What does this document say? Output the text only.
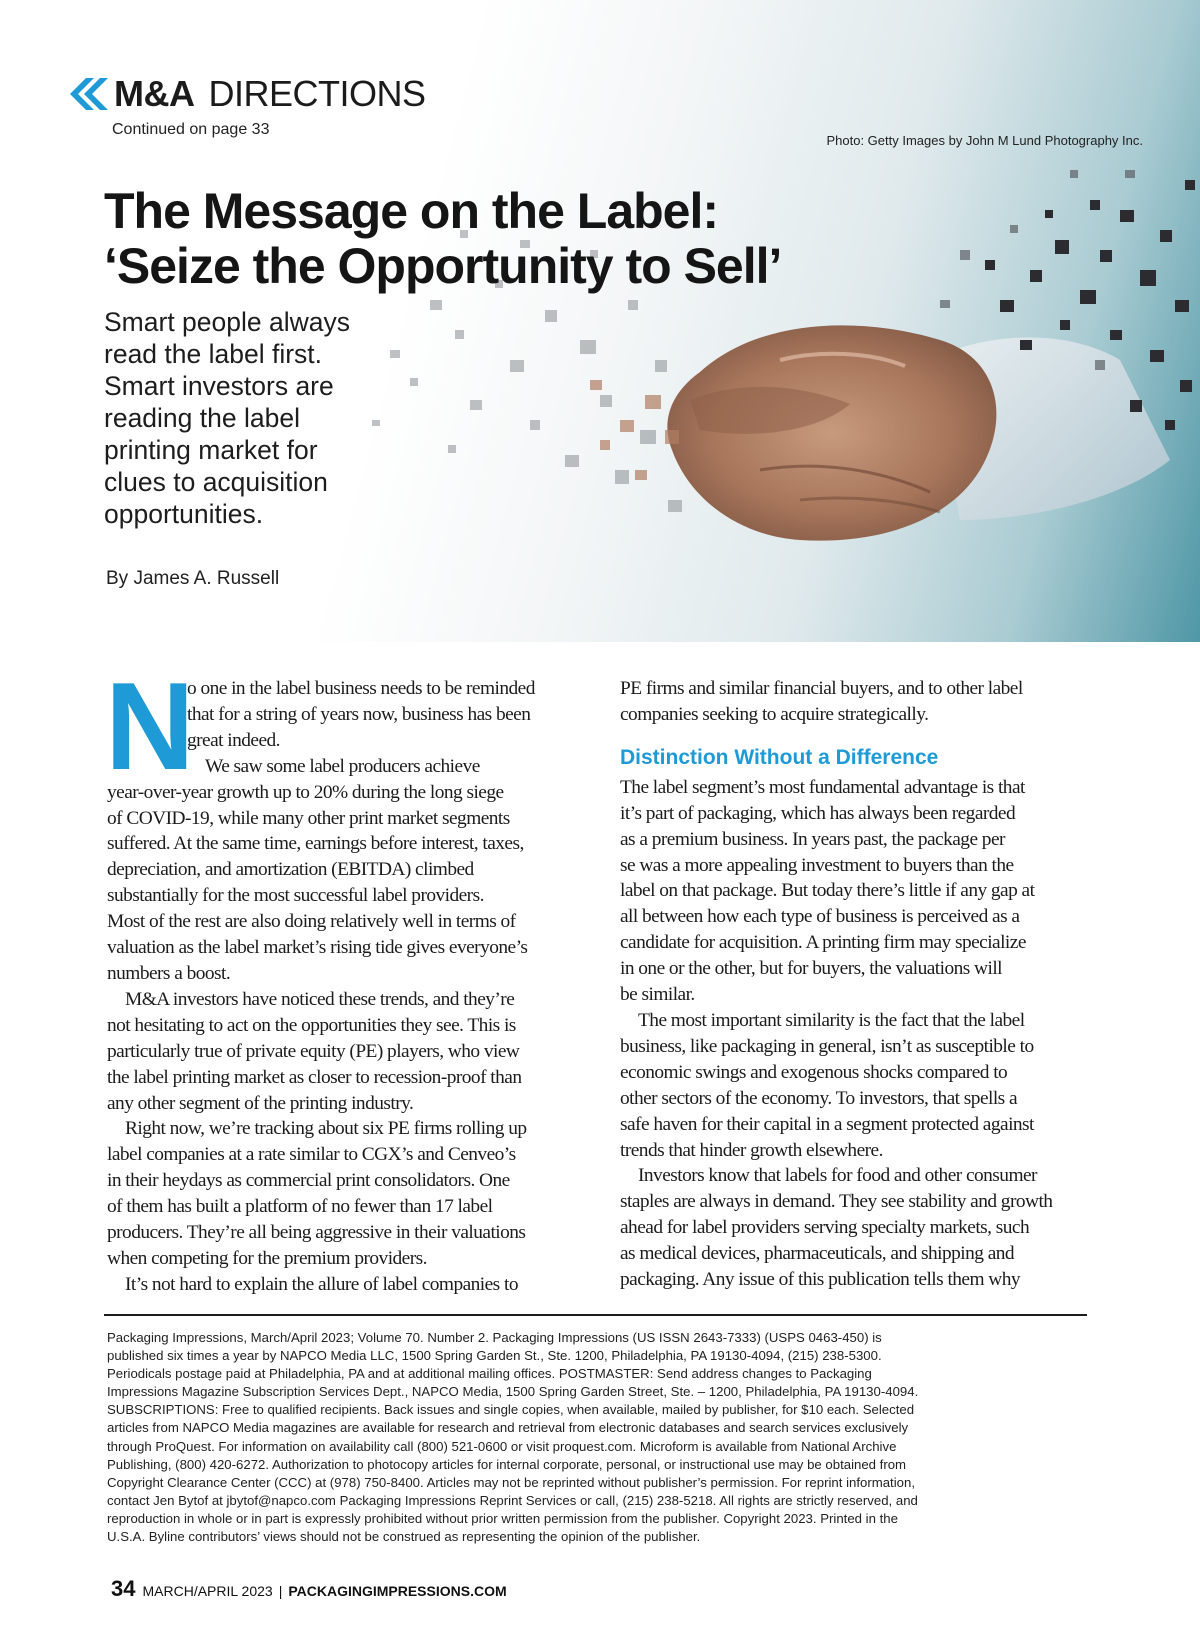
M&A DIRECTIONS
Continued on page 33
Photo: Getty Images by John M Lund Photography Inc.
The Message on the Label:
‘Seize the Opportunity to Sell’

Smart people always
read the label first.
Smart investors are
reading the label
printing market for
clues to acquisition
opportunities.

By James A. Russell
N
o one in the label business needs to be reminded
that for a string of years now, business has been
great indeed.
We saw some label producers achieve
year-over-year growth up to 20% during the long siege
of COVID-19, while many other print market segments
suffered. At the same time, earnings before interest, taxes,
depreciation, and amortization (EBITDA) climbed
substantially for the most successful label providers.
Most of the rest are also doing relatively well in terms of
valuation as the label market’s rising tide gives everyone’s
numbers a boost.
M&A investors have noticed these trends, and they’re
not hesitating to act on the opportunities they see. This is
particularly true of private equity (PE) players, who view
the label printing market as closer to recession-proof than
any other segment of the printing industry.
Right now, we’re tracking about six PE firms rolling up
label companies at a rate similar to CGX’s and Cenveo’s
in their heydays as commercial print consolidators. One
of them has built a platform of no fewer than 17 label
producers. They’re all being aggressive in their valuations
when competing for the premium providers.
It’s not hard to explain the allure of label companies to
PE firms and similar financial buyers, and to other label
companies seeking to acquire strategically.
Distinction Without a Difference
The label segment’s most fundamental advantage is that
it’s part of packaging, which has always been regarded
as a premium business. In years past, the package per
se was a more appealing investment to buyers than the
label on that package. But today there’s little if any gap at
all between how each type of business is perceived as a
candidate for acquisition. A printing firm may specialize
in one or the other, but for buyers, the valuations will
be similar.
The most important similarity is the fact that the label
business, like packaging in general, isn’t as susceptible to
economic swings and exogenous shocks compared to
other sectors of the economy. To investors, that spells a
safe haven for their capital in a segment protected against
trends that hinder growth elsewhere.
Investors know that labels for food and other consumer
staples are always in demand. They see stability and growth
ahead for label providers serving specialty markets, such
as medical devices, pharmaceuticals, and shipping and
packaging. Any issue of this publication tells them why
Packaging Impressions, March/April 2023; Volume 70. Number 2. Packaging Impressions (US ISSN 2643-7333) (USPS 0463-450) is
published six times a year by NAPCO Media LLC, 1500 Spring Garden St., Ste. 1200, Philadelphia, PA 19130-4094, (215) 238-5300.
Periodicals postage paid at Philadelphia, PA and at additional mailing offices. POSTMASTER: Send address changes to Packaging
Impressions Magazine Subscription Services Dept., NAPCO Media, 1500 Spring Garden Street, Ste. – 1200, Philadelphia, PA 19130-4094.
SUBSCRIPTIONS: Free to qualified recipients. Back issues and single copies, when available, mailed by publisher, for $10 each. Selected
articles from NAPCO Media magazines are available for research and retrieval from electronic databases and search services exclusively
through ProQuest. For information on availability call (800) 521-0600 or visit proquest.com. Microform is available from National Archive
Publishing, (800) 420-6272. Authorization to photocopy articles for internal corporate, personal, or instructional use may be obtained from
Copyright Clearance Center (CCC) at (978) 750-8400. Articles may not be reprinted without publisher’s permission. For reprint information,
contact Jen Bytof at jbytof@napco.com Packaging Impressions Reprint Services or call, (215) 238-5218. All rights are strictly reserved, and
reproduction in whole or in part is expressly prohibited without prior written permission from the publisher. Copyright 2023. Printed in the
U.S.A. Byline contributors’ views should not be construed as representing the opinion of the publisher.
34 MARCH/APRIL 2023 | PACKAGINGIMPRESSIONS.COM
